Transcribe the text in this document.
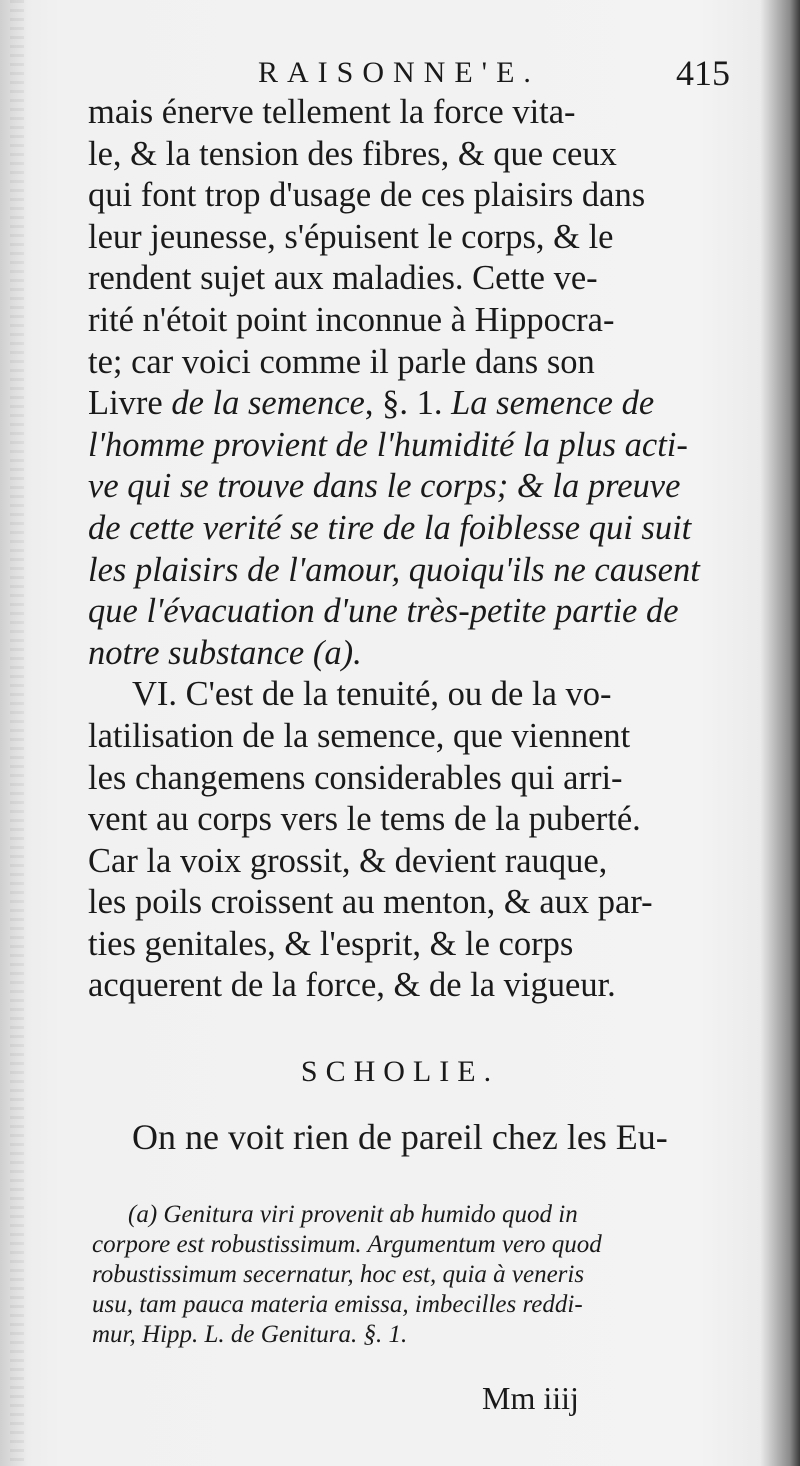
RAISONNE'E.	415
mais énerve tellement la force vita-
le, & la tension des fibres, & que ceux
qui font trop d'usage de ces plaisirs dans
leur jeunesse, s'épuisent le corps, & le
rendent sujet aux maladies. Cette ve-
rité n'étoit point inconnue à Hippocra-
te; car voici comme il parle dans son
Livre de la semence, §. 1. La semence de
l'homme provient de l'humidité la plus acti-
ve qui se trouve dans le corps; & la preuve
de cette verité se tire de la foiblesse qui suit
les plaisirs de l'amour, quoiqu'ils ne causent
que l'évacuation d'une très-petite partie de
notre substance (a).
VI. C'est de la tenuité, ou de la vo-
latilisation de la semence, que viennent
les changemens considerables qui arri-
vent au corps vers le tems de la puberté.
Car la voix grossit, & devient rauque,
les poils croissent au menton, & aux par-
ties genitales, & l'esprit, & le corps
acquerent de la force, & de la vigueur.
SCHOLIE.
On ne voit rien de pareil chez les Eu-
(a) Genitura viri provenit ab humido quod in
corpore est robustissimum. Argumentum vero quod
robustissimum secernatur, hoc est, quia à veneris
usu, tam pauca materia emissa, imbecilles reddi-
mur, Hipp. L. de Genitura. §. 1.
Mm iiij
